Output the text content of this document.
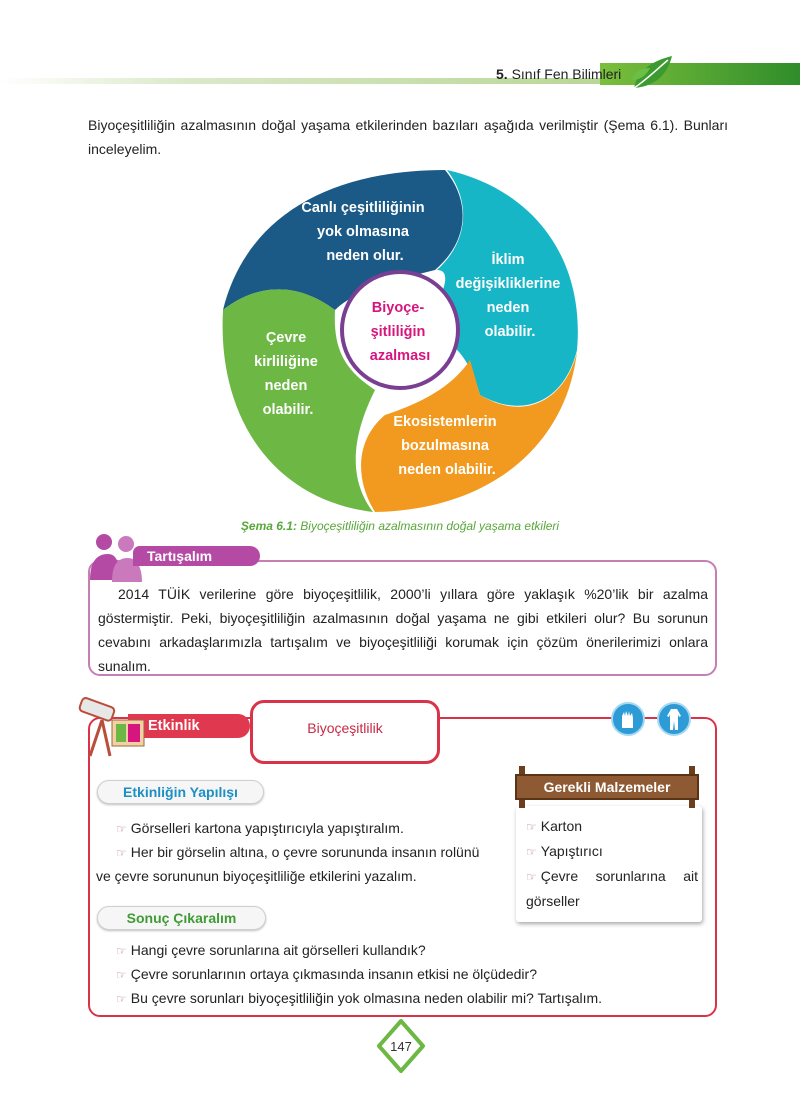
5. Sınıf Fen Bilimleri
Biyoçeşitliliğin azalmasının doğal yaşama etkilerinden bazıları aşağıda verilmiştir (Şema 6.1). Bunları inceleyelim.
Canlı çeşitliliğinin yok olmasına neden olur.	İklim değişikliklerine neden olabilir.
Ekosistemlerin bozulmasına neden olabilir.
Çevre kirliliğine neden olabilir.
Biyoçe- şitliliğin azalması
Şema 6.1: Biyoçeşitliliğin azalmasının doğal yaşama etkileri
Tartışalım
2014 TÜİK verilerine göre biyoçeşitlilik, 2000’li yıllara göre yaklaşık %20’lik bir azalma göstermiştir. Peki, biyoçeşitliliğin azalmasının doğal yaşama ne gibi etkileri olur? Bu sorunun cevabını arkadaşlarımızla tartışalım ve biyoçeşitliliği korumak için çözüm önerilerimizi onlara sunalım.
Etkinlik	Biyoçeşitlilik
Etkinliğin Yapılışı
☞ Görselleri kartona yapıştırıcıyla yapıştıralım.
☞ Her bir görselin altına, o çevre sorununda insanın rolünü
ve çevre sorununun biyoçeşitliliğe etkilerini yazalım.
Gerekli Malzemeler
☞ Karton
☞ Yapıştırıcı
☞ Çevre sorunlarına ait görseller
Sonuç Çıkaralım
☞ Hangi çevre sorunlarına ait görselleri kullandık?
☞ Çevre sorunlarının ortaya çıkmasında insanın etkisi ne ölçüdedir?
☞ Bu çevre sorunları biyoçeşitliliğin yok olmasına neden olabilir mi? Tartışalım.
147
